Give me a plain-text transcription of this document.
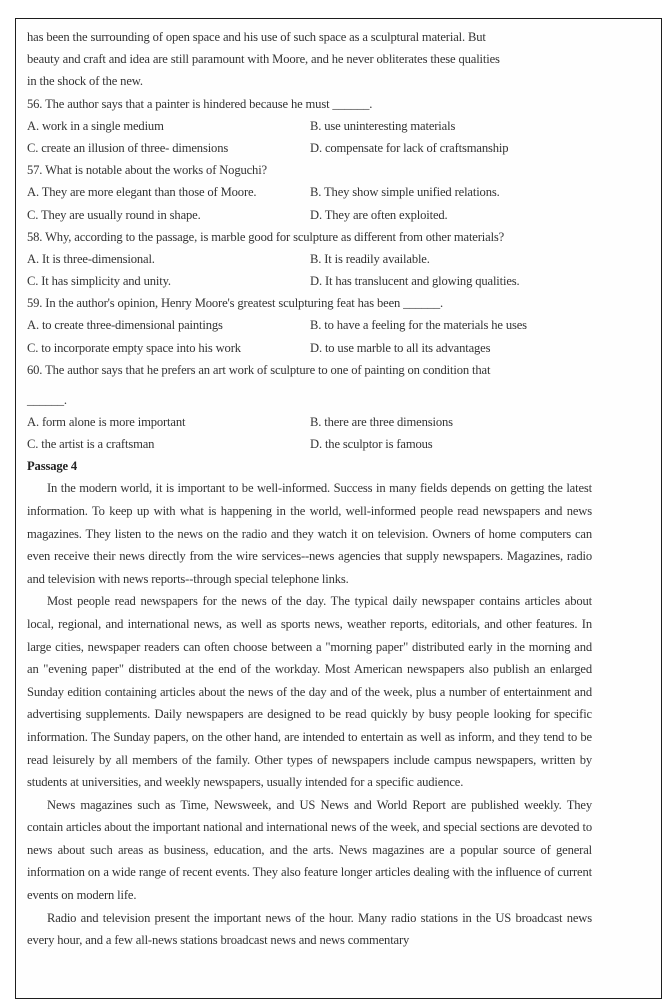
has been the surrounding of open space and his use of such space as a sculptural material. But
beauty and craft and idea are still paramount with Moore, and he never obliterates these qualities
in the shock of the new.
56. The author says that a painter is hindered because he must ______.
A. work in a single medium	B. use uninteresting materials
C. create an illusion of three- dimensions	D. compensate for lack of craftsmanship
57. What is notable about the works of Noguchi?
A. They are more elegant than those of Moore.	B. They show simple unified relations.
C. They are usually round in shape.	D. They are often exploited.
58. Why, according to the passage, is marble good for sculpture as different from other materials?
A. It is three-dimensional.	B. It is readily available.
C. It has simplicity and unity.	D. It has translucent and glowing qualities.
59. In the author's opinion, Henry Moore's greatest sculpturing feat has been ______.
A. to create three-dimensional paintings	B. to have a feeling for the materials he uses
C. to incorporate empty space into his work	D. to use marble to all its advantages
60. The author says that he prefers an art work of sculpture to one of painting on condition that
______.
A. form alone is more important	B. there are three dimensions
C. the artist is a craftsman	D. the sculptor is famous
Passage 4

In the modern world, it is important to be well-informed. Success in many fields depends on getting the latest information. To keep up with what is happening in the world, well-informed people read newspapers and news magazines. They listen to the news on the radio and they watch it on television. Owners of home computers can even receive their news directly from the wire services--news agencies that supply newspapers. Magazines, radio and television with news reports--through special telephone links.

Most people read newspapers for the news of the day. The typical daily newspaper contains articles about local, regional, and international news, as well as sports news, weather reports, editorials, and other features. In large cities, newspaper readers can often choose between a "morning paper" distributed early in the morning and an "evening paper" distributed at the end of the workday. Most American newspapers also publish an enlarged Sunday edition containing articles about the news of the day and of the week, plus a number of entertainment and advertising supplements. Daily newspapers are designed to be read quickly by busy people looking for specific information. The Sunday papers, on the other hand, are intended to entertain as well as inform, and they tend to be read leisurely by all members of the family. Other types of newspapers include campus newspapers, written by students at universities, and weekly newspapers, usually intended for a specific audience.

News magazines such as Time, Newsweek, and US News and World Report are published weekly. They contain articles about the important national and international news of the week, and special sections are devoted to news about such areas as business, education, and the arts. News magazines are a popular source of general information on a wide range of recent events. They also feature longer articles dealing with the influence of current events on modern life.

Radio and television present the important news of the hour. Many radio stations in the US broadcast news every hour, and a few all-news stations broadcast news and news commentary
